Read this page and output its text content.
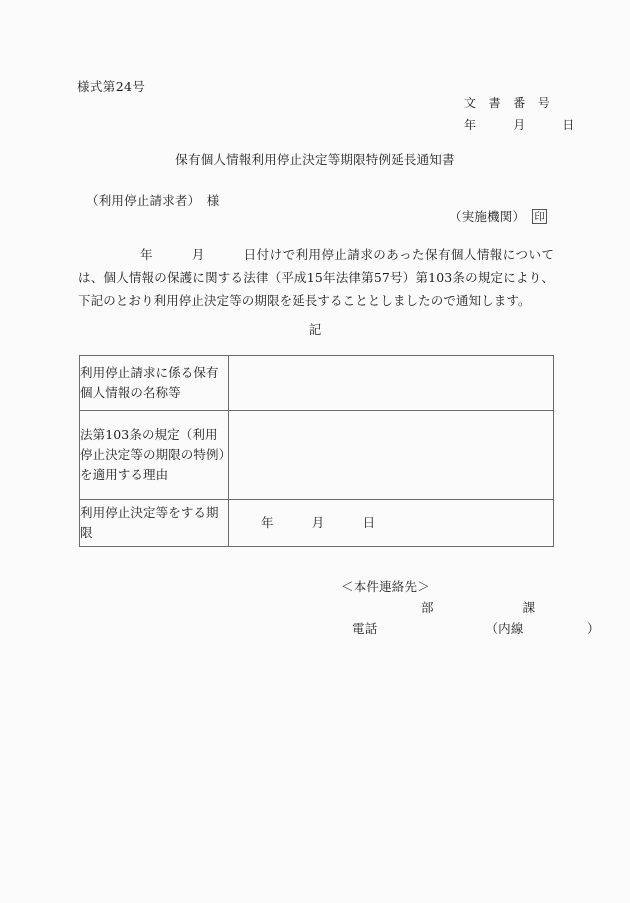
様式第24号
文　書　番　号
年　　　月　　　日
保有個人情報利用停止決定等期限特例延長通知書
（利用停止請求者）　様
（実施機関） 印
年　　　月　　　日付けで利用停止請求のあった保有個人情報については、個人情報の保護に関する法律（平成15年法律第57号）第103条の規定により、下記のとおり利用停止決定等の期限を延長することとしましたので通知します。
記
利用停止請求に係る保有個人情報の名称等	
法第103条の規定（利用停止決定等の期限の特例）を適用する理由	
利用停止決定等をする期限	年　　　月　　　日
＜本件連絡先＞
部　　　　　　　課
電話　　　　　　　　　（内線　　　　　）
